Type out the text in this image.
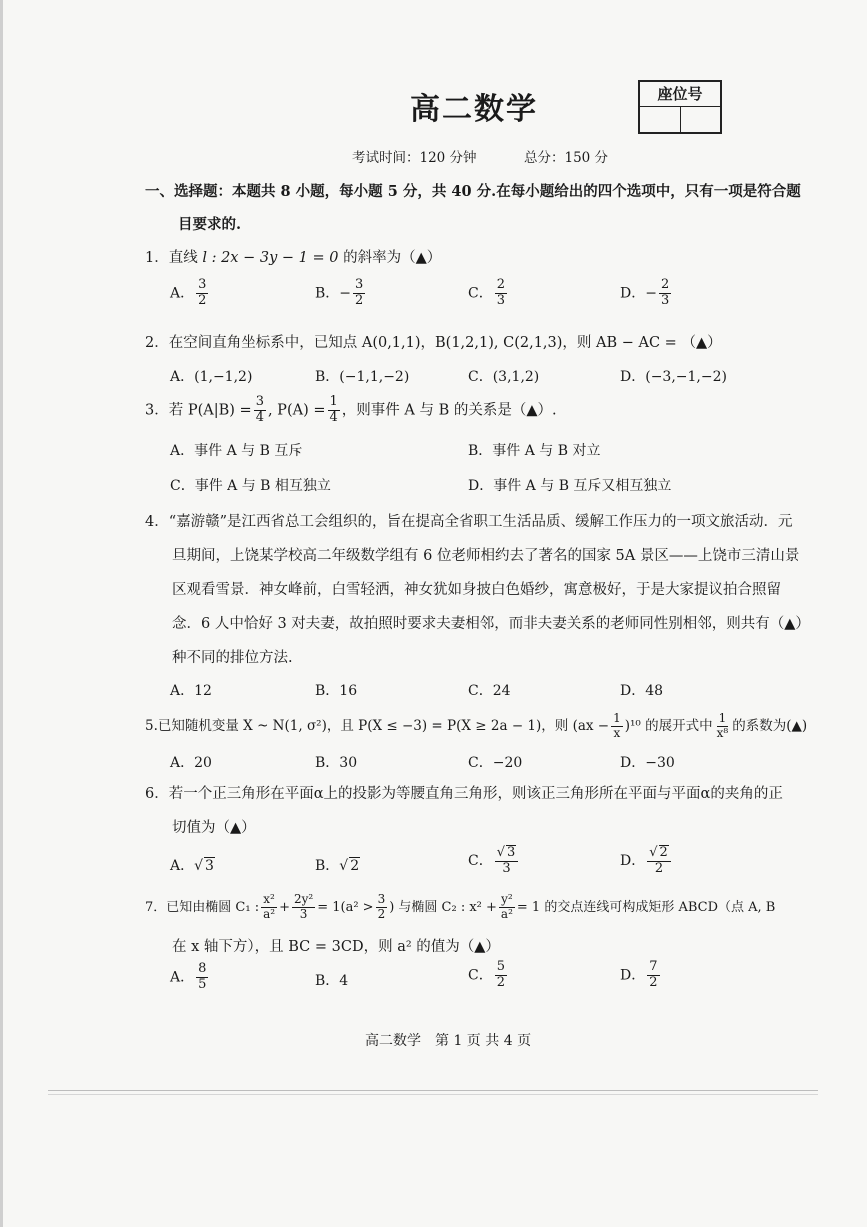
高二数学	座位号
考试时间：120 分钟	总分：150 分
一、选择题：本题共 8 小题，每小题 5 分，共 40 分.在每小题给出的四个选项中，只有一项是符合题
目要求的.
1．直线 l : 2x − 3y − 1 = 0 的斜率为（▲）
A． $\frac{3}{2}$	B．− $\frac{3}{2}$	C． $\frac{2}{3}$	D．− $\frac{2}{3}$
2．在空间直角坐标系中，已知点 A(0,1,1)，B(1,2,1), C(2,1,3)，则 AB − AC = （▲）
A．(1,−1,2)	B．(−1,1,−2)	C．(3,1,2)	D．(−3,−1,−2)
3．若 $P(A|B) = \frac{3}{4}$ , $P(A) = \frac{1}{4}$ ，则事件 A 与 B 的关系是（▲）.
A．事件 A 与 B 互斥	B．事件 A 与 B 对立
C．事件 A 与 B 相互独立	D．事件 A 与 B 互斥又相互独立
4．“嘉游赣”是江西省总工会组织的，旨在提高全省职工生活品质、缓解工作压力的一项文旅活动．元
旦期间，上饶某学校高二年级数学组有 6 位老师相约去了著名的国家 5A 景区——上饶市三清山景
区观看雪景．神女峰前，白雪轻洒，神女犹如身披白色婚纱，寓意极好，于是大家提议拍合照留
念．6 人中恰好 3 对夫妻，故拍照时要求夫妻相邻，而非夫妻关系的老师同性别相邻，则共有（▲）
种不同的排位方法.
A．12	B．16	C．24	D．48
5.已知随机变量 X ~ N(1, σ²)，且 P(X ≤ −3) = P(X ≥ 2a − 1)，则 $(ax - \frac{1}{x} )^{10}$ 的展开式中 $\frac{1}{\text{x⁸}}$ 的系数为(▲)
A．20	B．30	C．−20	D．−30
6．若一个正三角形在平面α上的投影为等腰直角三角形，则该正三角形所在平面与平面α的夹角的正
切值为（▲）
A．√ 3	B．√ 2	C． $\frac{√ 3}{3}$	D． $\frac{√ 2}{2}$
7．已知由椭圆 C₁ : $\frac{\text{x²}}{\text{a²}} + \frac{\text{2y²}}{3} = 1(a^2 > \frac{3}{2}$ ) 与椭圆 C₂ : $x^2 + \frac{\text{y²}}{\text{a²}} = 1$ 的交点连线可构成矩形 ABCD（点 A, B
在 x 轴下方），且 BC = 3CD，则 a² 的值为（▲）
A． $\frac{8}{5}$	B．4	C． $\frac{5}{2}$	D． $\frac{7}{2}$
高二数学　第 1 页 共 4 页
